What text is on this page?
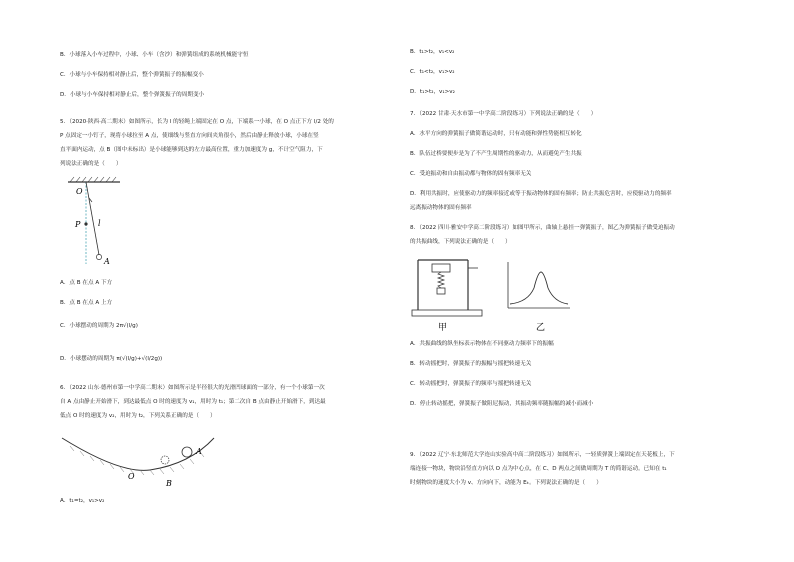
B．小球落入小车过程中，小球、小车（含沙）和弹簧组成的系统机械能守恒
C．小球与小车保持相对静止后，整个弹簧振子的振幅变小
D．小球与小车保持相对静止后，整个弹簧振子的周期变小
5．（2020·陕西·高二期末）如图所示，长为 l 的轻绳上端固定在 O 点，下端系一小球，在 O 点正下方 l/2 处的
P 点固定一小钉子，现将小球拉至 A 点，使细线与竖直方向间夹角很小，然后由静止释放小球，小球在竖
直平面内运动，点 B（图中未标出）是小球能够到达的左方最高位置，重力加速度为 g，不计空气阻力，下
列说法正确的是（　　）
A．点 B 在点 A 下方
B．点 B 在点 A 上方
C．小球摆动的周期为 2π√(l/g)
D．小球摆动的周期为 π(√(l/g)+√(l/2g))
6．（2022 山东·德州市第一中学高二期末）如图所示是半径很大的光滑凹球面的一部分，有一个小球第一次
自 A 点由静止开始滑下，到达最低点 O 时的速度为 v₁，用时为 t₁；第二次自 B 点由静止开始滑下，到达最
低点 O 时的速度为 v₂，用时为 t₂，下列关系正确的是（　　）
A．t₁=t₂，v₁>v₂
O
P l
A
O
B
A
B．t₁>t₂，v₁<v₂
C．t₁<t₂，v₁>v₂
D．t₁>t₂，v₁>v₂
7．（2022 甘肃·天水市第一中学高二阶段练习）下列说法正确的是（　　）
A．水平方向的弹簧振子做简谐运动时，只有动能和弹性势能相互转化
B．队伍过桥要便步是为了不产生周期性的驱动力，从而避免产生共振
C．受迫振动和自由振动都与物体的固有频率无关
D．利用共振时，应使驱动力的频率接近或等于振动物体的固有频率；防止共振危害时，应使驱动力的频率
远离振动物体的固有频率
8．（2022 四川·雅安中学高二阶段练习）如图甲所示，曲轴上悬挂一弹簧振子，图乙为弹簧振子做受迫振动
的共振曲线，下列说法正确的是（　　）
A．共振曲线的纵坐标表示物体在不同驱动力频率下的振幅
B．转动摇把时，弹簧振子的振幅与摇把转速无关
C．转动摇把时，弹簧振子的频率与摇把转速无关
D．停止转动摇把，弹簧振子做阻尼振动，其振动频率随振幅的减小而减小
9．（2022 辽宁·东北师范大学连山实验高中高二阶段练习）如图所示，一轻质弹簧上端固定在天花板上，下
端连接一物块，物块沿竖直方向以 O 点为中心点，在 C、D 两点之间做周期为 T 的简谐运动。已知在 t₁
时刻物块的速度大小为 v、方向向下，动能为 Eₖ。下列说法正确的是（　　）
甲	乙
